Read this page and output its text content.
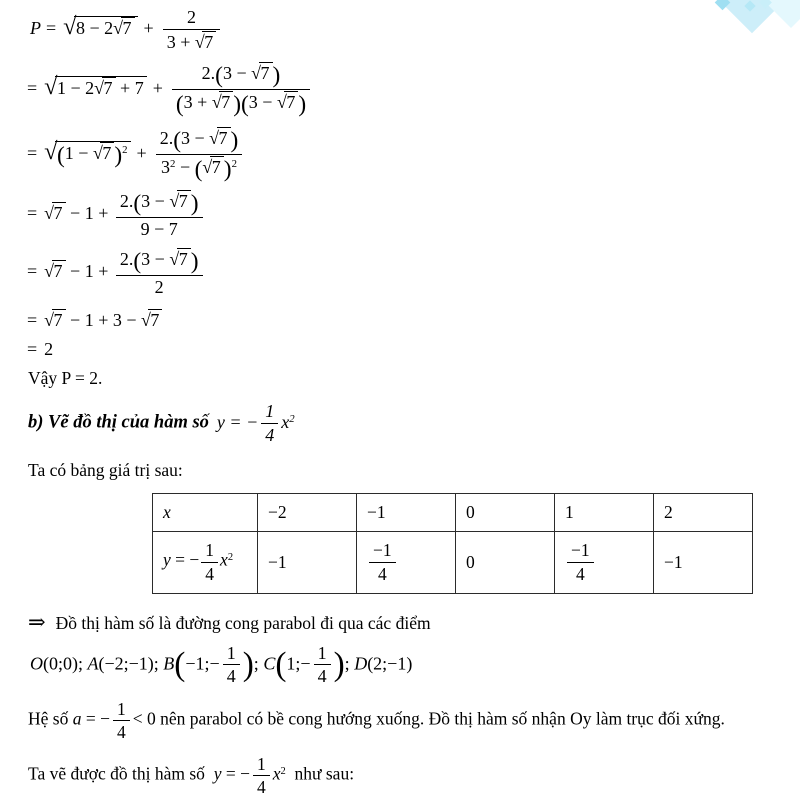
$P = √8 - 2√7 + \frac{2}{3 + √7}$
= $√1 - 2√7 + 7 + \frac{2.(3 - √7 )}{(3 + √7 )(3 - √7 )}$
= √(1 − √7 )$^2 + \frac{2.(3 - √7 )}{3^2 - (√7 )^2}$
= $√7 - 1 + \frac{2.(3 - √7 )}{9 - 7}$
= $√7 - 1 + \frac{2.(3 - √7 )}{2}$
= √7 − 1 + 3 − √7
= 2
Vậy P = 2.
b) Vẽ đồ thị của hàm số y = − $\frac{1}{4} x^2$
Ta có bảng giá trị sau:
x	−2	−1	0	1	2
y = − $\frac{1}{4} x^2$	−1	$\frac{-1}{4}$	0	$\frac{-1}{4}$	−1
⇒ Đồ thị hàm số là đường cong parabol đi qua các điểm
O(0;0); A(−2;−1); B(−1;− $\frac{1}{4}$ ); C(1;− $\frac{1}{4}$ ); D(2;−1)
Hệ số a = − $\frac{1}{4} < 0$ nên parabol có bề cong hướng xuống. Đồ thị hàm số nhận Oy làm trục đối xứng.
Ta vẽ được đồ thị hàm số y = − $\frac{1}{4} x^2$ như sau:
